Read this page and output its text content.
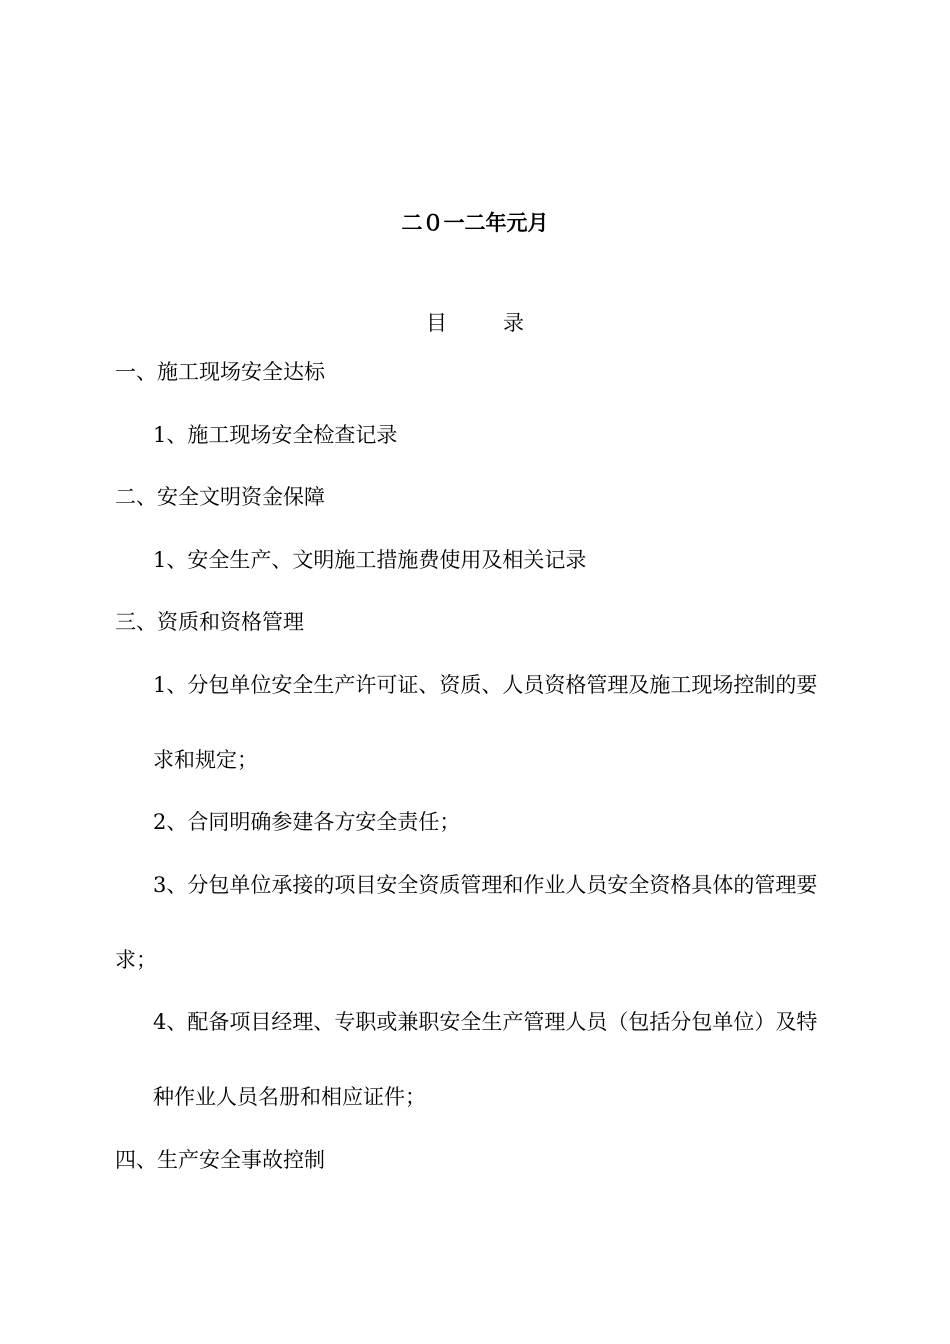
二０一二年元月
目	录
一、施工现场安全达标
1、施工现场安全检查记录
二、安全文明资金保障
1、安全生产、文明施工措施费使用及相关记录
三、资质和资格管理
1、分包单位安全生产许可证、资质、人员资格管理及施工现场控制的要
求和规定；
2、合同明确参建各方安全责任；
3、分包单位承接的项目安全资质管理和作业人员安全资格具体的管理要
求；
4、配备项目经理、专职或兼职安全生产管理人员（包括分包单位）及特
种作业人员名册和相应证件；
四、生产安全事故控制
